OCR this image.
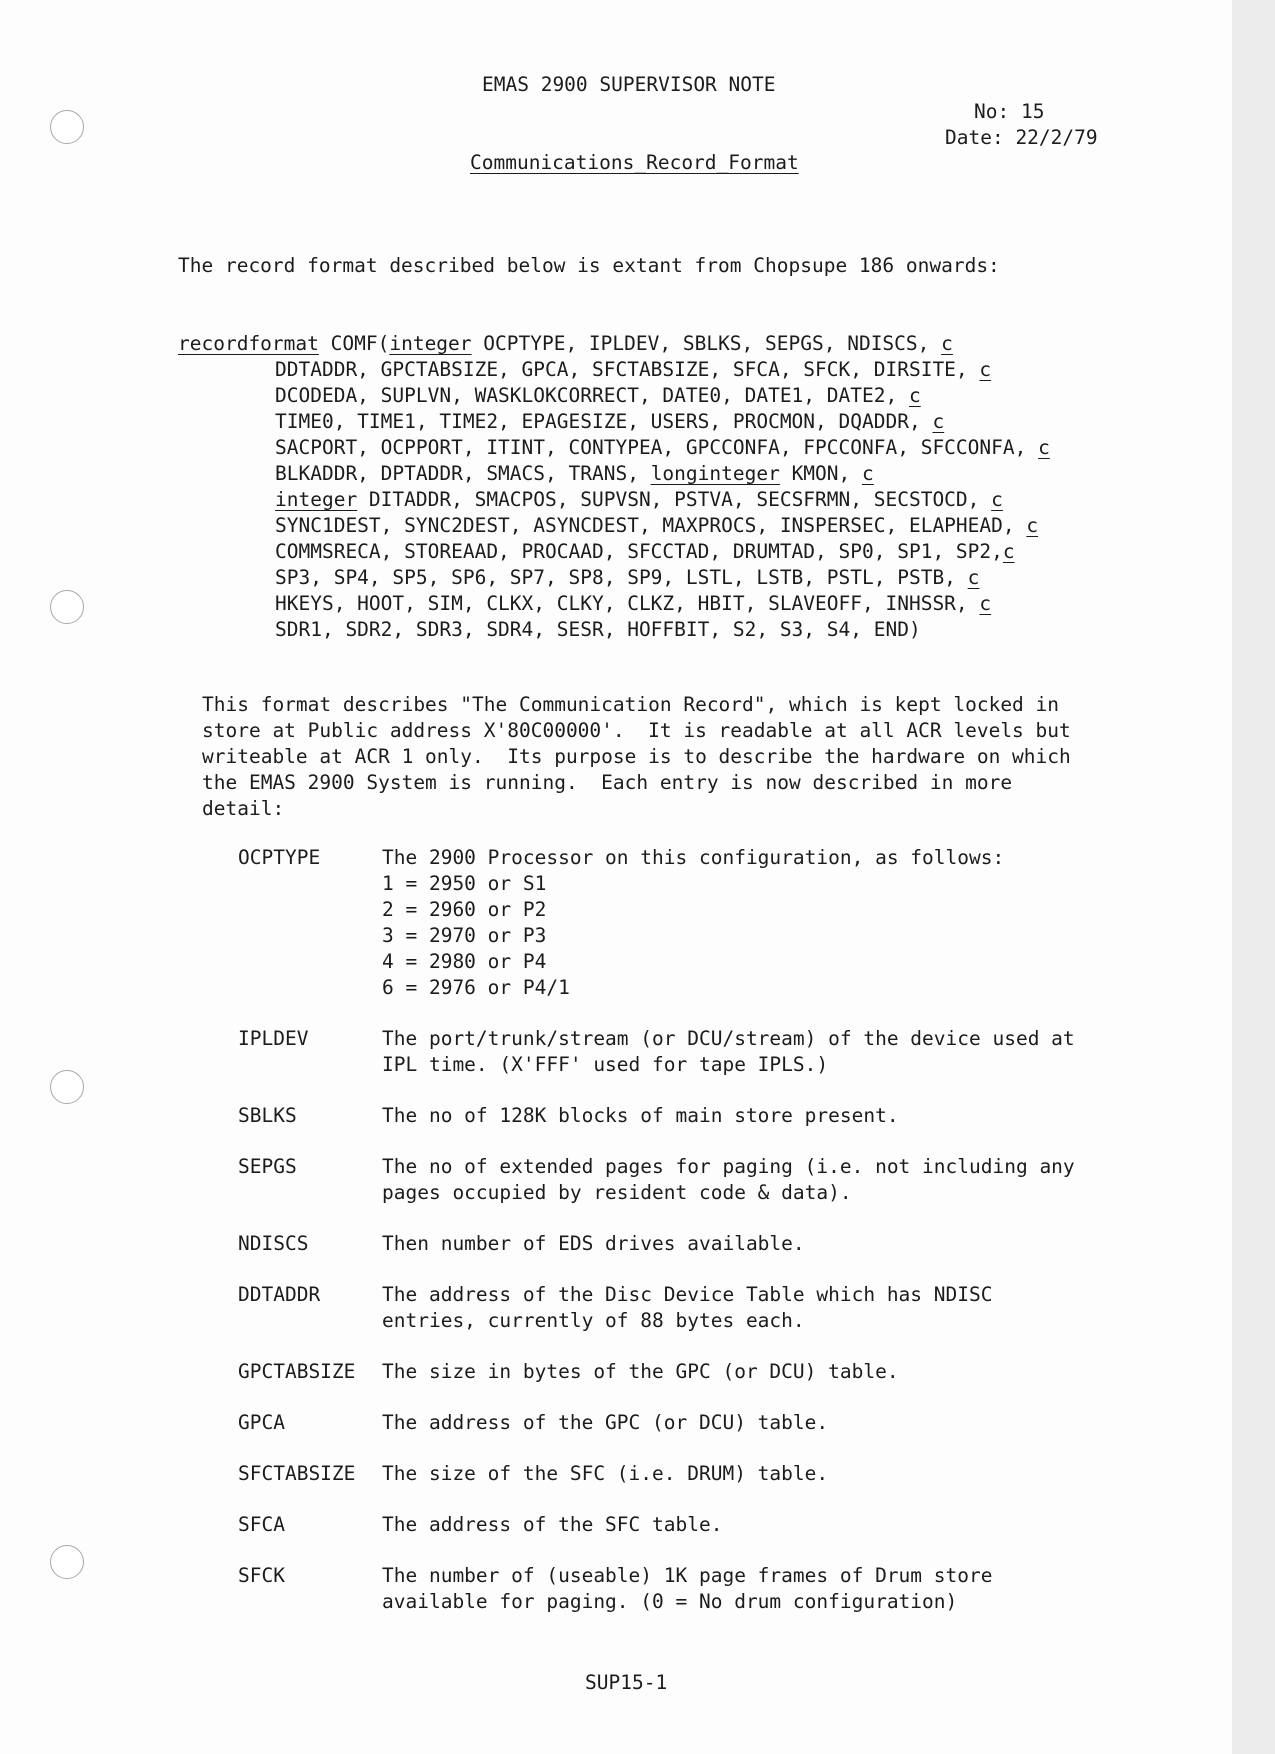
EMAS 2900 SUPERVISOR NOTE
No: 15
Date: 22/2/79
Communications_Record_Format
The record format described below is extant from Chopsupe 186 onwards:
recordformat COMF(integer OCPTYPE, IPLDEV, SBLKS, SEPGS, NDISCS, c
DDTADDR, GPCTABSIZE, GPCA, SFCTABSIZE, SFCA, SFCK, DIRSITE, c
DCODEDA, SUPLVN, WASKLOKCORRECT, DATE0, DATE1, DATE2, c
TIME0, TIME1, TIME2, EPAGESIZE, USERS, PROCMON, DQADDR, c
SACPORT, OCPPORT, ITINT, CONTYPEA, GPCCONFA, FPCCONFA, SFCCONFA, c
BLKADDR, DPTADDR, SMACS, TRANS, longinteger KMON, c
integer DITADDR, SMACPOS, SUPVSN, PSTVA, SECSFRMN, SECSTOCD, c
SYNC1DEST, SYNC2DEST, ASYNCDEST, MAXPROCS, INSPERSEC, ELAPHEAD, c
COMMSRECA, STOREAAD, PROCAAD, SFCCTAD, DRUMTAD, SP0, SP1, SP2,c
SP3, SP4, SP5, SP6, SP7, SP8, SP9, LSTL, LSTB, PSTL, PSTB, c
HKEYS, HOOT, SIM, CLKX, CLKY, CLKZ, HBIT, SLAVEOFF, INHSSR, c
SDR1, SDR2, SDR3, SDR4, SESR, HOFFBIT, S2, S3, S4, END)
This format describes "The Communication Record", which is kept locked in
store at Public address X'80C00000'.  It is readable at all ACR levels but
writeable at ACR 1 only.  Its purpose is to describe the hardware on which
the EMAS 2900 System is running.  Each entry is now described in more
detail:
OCPTYPE	The 2900 Processor on this configuration, as follows:
1 = 2950 or S1
2 = 2960 or P2
3 = 2970 or P3
4 = 2980 or P4
6 = 2976 or P4/1
IPLDEV	The port/trunk/stream (or DCU/stream) of the device used at
IPL time. (X'FFF' used for tape IPLS.)
SBLKS	The no of 128K blocks of main store present.
SEPGS	The no of extended pages for paging (i.e. not including any
pages occupied by resident code & data).
NDISCS	Then number of EDS drives available.
DDTADDR	The address of the Disc Device Table which has NDISC
entries, currently of 88 bytes each.
GPCTABSIZE	The size in bytes of the GPC (or DCU) table.
GPCA	The address of the GPC (or DCU) table.
SFCTABSIZE	The size of the SFC (i.e. DRUM) table.
SFCA	The address of the SFC table.
SFCK	The number of (useable) 1K page frames of Drum store
available for paging. (0 = No drum configuration)
SUP15-1
